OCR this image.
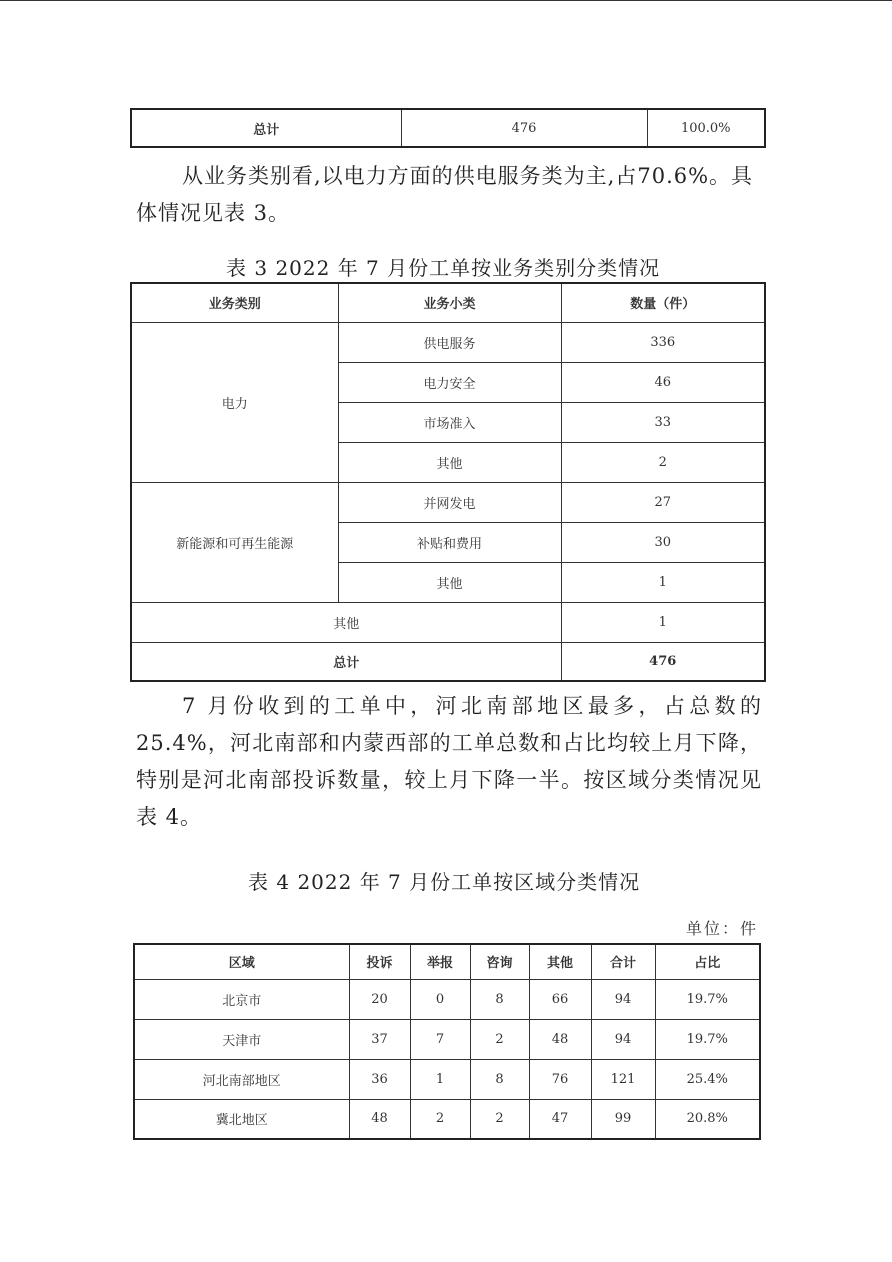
总计	476	100.0%

从业务类别看,以电力方面的供电服务类为主,占70.6%。具体情况见表 3。

表 3 2022 年 7 月份工单按业务类别分类情况

业务类别	业务小类	数量（件）
电力	供电服务	336
	电力安全	46
	市场准入	33
	其他	2
新能源和可再生能源	并网发电	27
	补贴和费用	30
	其他	1
其他		1
总计		476

7 月份收到的工单中，河北南部地区最多，占总数的25.4%，河北南部和内蒙西部的工单总数和占比均较上月下降，特别是河北南部投诉数量，较上月下降一半。按区域分类情况见表 4。

表 4 2022 年 7 月份工单按区域分类情况

单位：件
区域	投诉	举报	咨询	其他	合计	占比
北京市	20	0	8	66	94	19.7%
天津市	37	7	2	48	94	19.7%
河北南部地区	36	1	8	76	121	25.4%
冀北地区	48	2	2	47	99	20.8%
